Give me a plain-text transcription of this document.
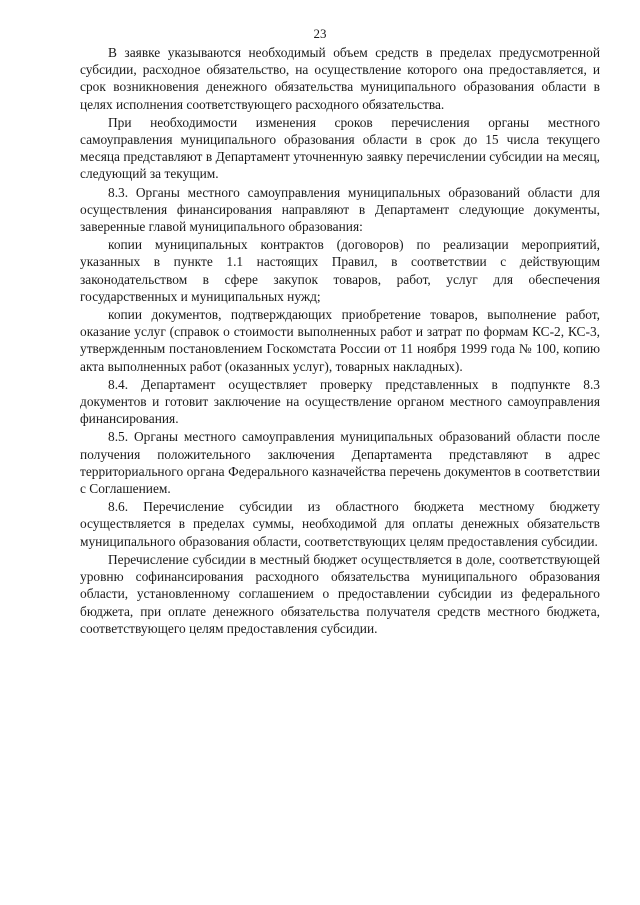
23

В заявке указываются необходимый объем средств в пределах предусмотренной субсидии, расходное обязательство, на осуществление которого она предоставляется, и срок возникновения денежного обязательства муниципального образования области в целях исполнения соответствующего расходного обязательства.

При необходимости изменения сроков перечисления органы местного самоуправления муниципального образования области в срок до 15 числа текущего месяца представляют в Департамент уточненную заявку перечислении субсидии на месяц, следующий за текущим.

8.3. Органы местного самоуправления муниципальных образований области для осуществления финансирования направляют в Департамент следующие документы, заверенные главой муниципального образования:

копии муниципальных контрактов (договоров) по реализации мероприятий, указанных в пункте 1.1 настоящих Правил, в соответствии с действующим законодательством в сфере закупок товаров, работ, услуг для обеспечения государственных и муниципальных нужд;

копии документов, подтверждающих приобретение товаров, выполнение работ, оказание услуг (справок о стоимости выполненных работ и затрат по формам КС-2, КС-3, утвержденным постановлением Госкомстата России от 11 ноября 1999 года № 100, копию акта выполненных работ (оказанных услуг), товарных накладных).

8.4. Департамент осуществляет проверку представленных в подпункте 8.3 документов и готовит заключение на осуществление органом местного самоуправления финансирования.

8.5. Органы местного самоуправления муниципальных образований области после получения положительного заключения Департамента представляют в адрес территориального органа Федерального казначейства перечень документов в соответствии с Соглашением.

8.6. Перечисление субсидии из областного бюджета местному бюджету осуществляется в пределах суммы, необходимой для оплаты денежных обязательств муниципального образования области, соответствующих целям предоставления субсидии.

Перечисление субсидии в местный бюджет осуществляется в доле, соответствующей уровню софинансирования расходного обязательства муниципального образования области, установленному соглашением о предоставлении субсидии из федерального бюджета, при оплате денежного обязательства получателя средств местного бюджета, соответствующего целям предоставления субсидии.
